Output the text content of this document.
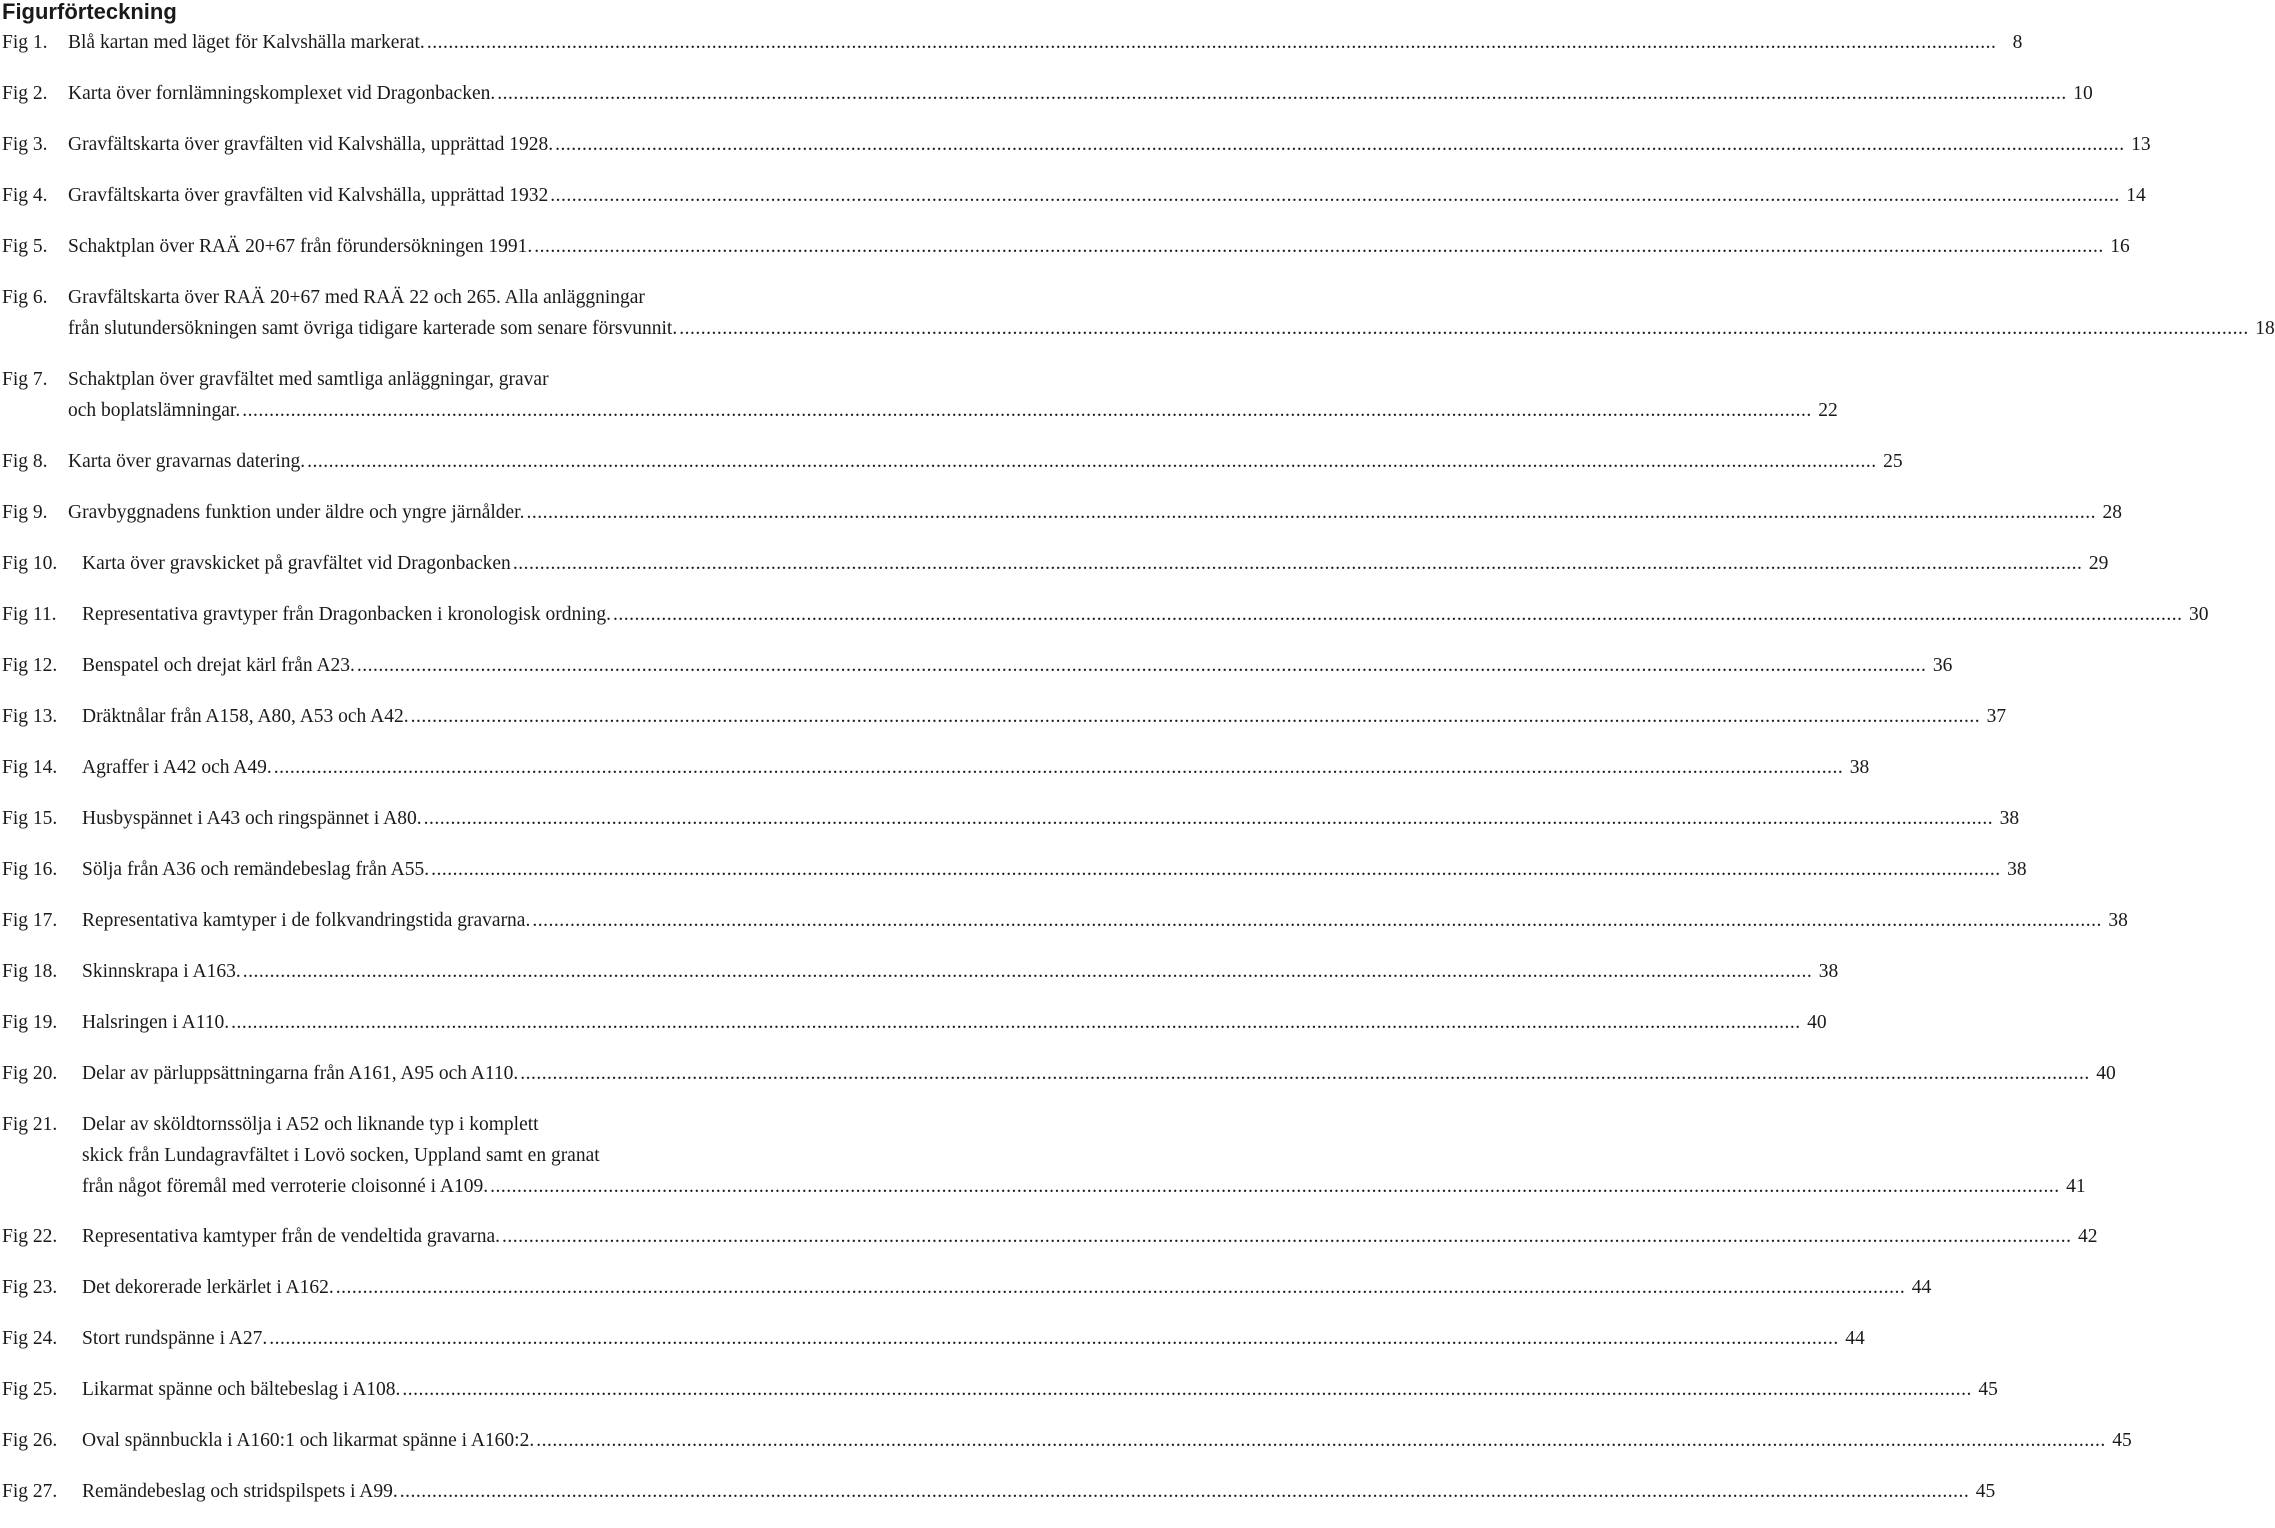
Figurförteckning
Fig 1. Blå kartan med läget för Kalvshälla markerat. .....	8
Fig 2. Karta över fornlämningskomplexet vid Dragonbacken. .....	10
Fig 3. Gravfältskarta över gravfälten vid Kalvshälla, upprättad 1928. .....	13
Fig 4. Gravfältskarta över gravfälten vid Kalvshälla, upprättad 1932 .....	14
Fig 5. Schaktplan över RAÄ 20+67 från förundersökningen 1991. .....	16
Fig 6. Gravfältskarta över RAÄ 20+67 med RAÄ 22 och 265. Alla anläggningar
från slutundersökningen samt övriga tidigare karterade som senare försvunnit. .....	18
Fig 7. Schaktplan över gravfältet med samtliga anläggningar, gravar
och boplatslämningar. .....	22
Fig 8. Karta över gravarnas datering. .....	25
Fig 9. Gravbyggnadens funktion under äldre och yngre järnålder. .....	28
Fig 10. Karta över gravskicket på gravfältet vid Dragonbacken .....	29
Fig 11. Representativa gravtyper från Dragonbacken i kronologisk ordning. .....	30
Fig 12. Benspatel och drejat kärl från A23. .....	36
Fig 13. Dräktnålar från A158, A80, A53 och A42. .....	37
Fig 14. Agraffer i A42 och A49. .....	38
Fig 15. Husbyspännet i A43 och ringspännet i A80. .....	38
Fig 16. Sölja från A36 och remändebeslag från A55. .....	38
Fig 17. Representativa kamtyper i de folkvandringstida gravarna. .....	38
Fig 18. Skinnskrapa i A163. .....	38
Fig 19. Halsringen i A110. .....	40
Fig 20. Delar av pärluppsättningarna från A161, A95 och A110. .....	40
Fig 21. Delar av sköldtornssölja i A52 och liknande typ i komplett
skick från Lundagravfältet i Lovö socken, Uppland samt en granat
från något föremål med verroterie cloisonné i A109. .....	41
Fig 22. Representativa kamtyper från de vendeltida gravarna. .....	42
Fig 23. Det dekorerade lerkärlet i A162. .....	44
Fig 24. Stort rundspänne i A27. .....	44
Fig 25. Likarmat spänne och bältebeslag i A108. .....	45
Fig 26. Oval spännbuckla i A160:1 och likarmat spänne i A160:2. .....	45
Fig 27. Remändebeslag och stridspilspets i A99. .....	45
